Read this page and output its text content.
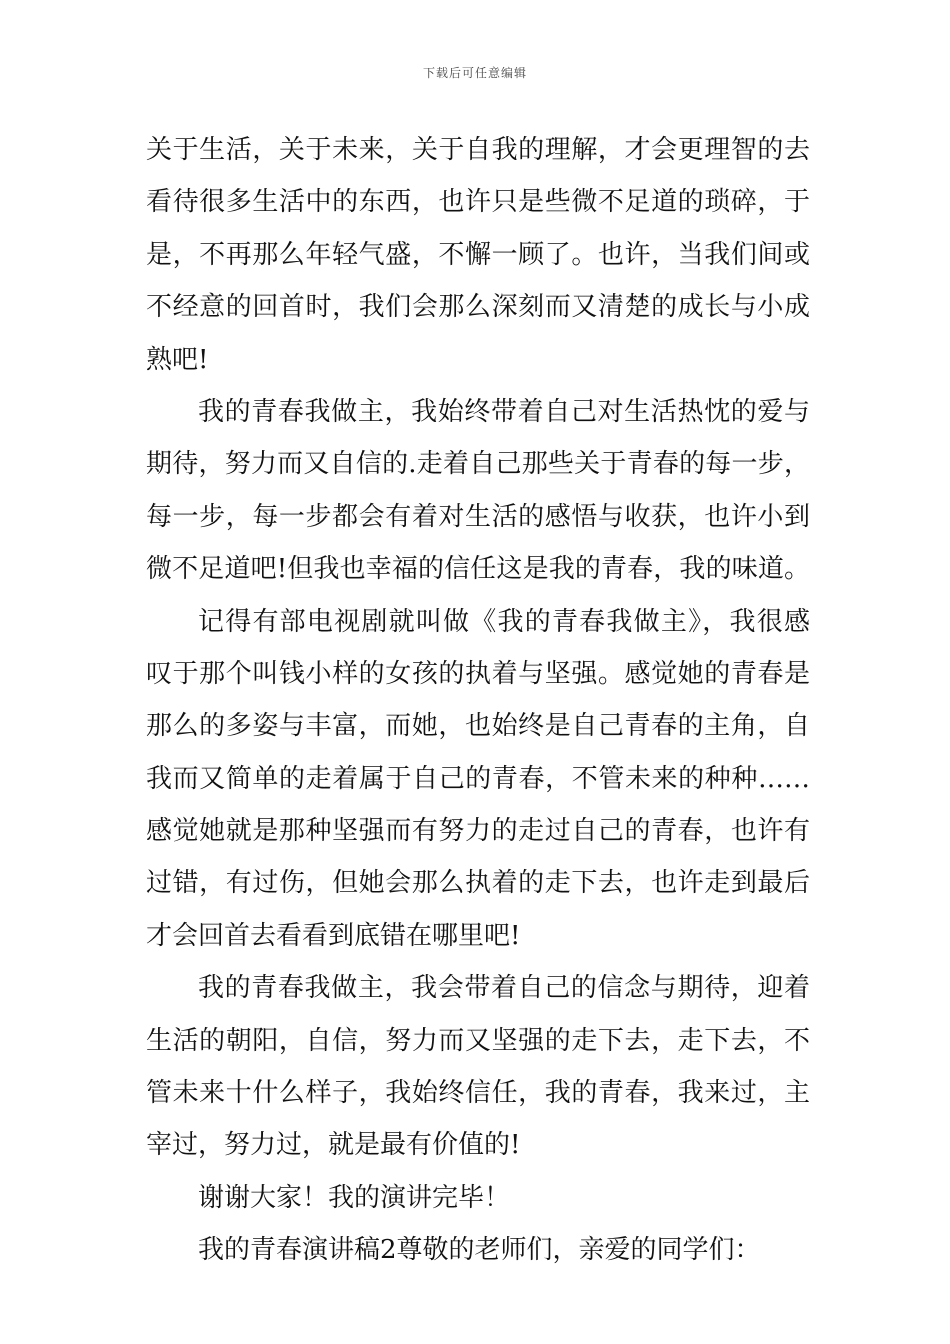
下载后可任意编辑
关于生活，关于未来，关于自我的理解，才会更理智的去
看待很多生活中的东西，也许只是些微不足道的琐碎，于
是，不再那么年轻气盛，不懈一顾了。也许，当我们间或
不经意的回首时，我们会那么深刻而又清楚的成长与小成
熟吧!
我的青春我做主，我始终带着自己对生活热忱的爱与
期待，努力而又自信的.走着自己那些关于青春的每一步，
每一步，每一步都会有着对生活的感悟与收获，也许小到
微不足道吧!但我也幸福的信任这是我的青春，我的味道。
记得有部电视剧就叫做《我的青春我做主》，我很感
叹于那个叫钱小样的女孩的执着与坚强。感觉她的青春是
那么的多姿与丰富，而她，也始终是自己青春的主角，自
我而又简单的走着属于自己的青春，不管未来的种种……
感觉她就是那种坚强而有努力的走过自己的青春，也许有
过错，有过伤，但她会那么执着的走下去，也许走到最后
才会回首去看看到底错在哪里吧!
我的青春我做主，我会带着自己的信念与期待，迎着
生活的朝阳，自信，努力而又坚强的走下去，走下去，不
管未来十什么样子，我始终信任，我的青春，我来过，主
宰过，努力过，就是最有价值的!
谢谢大家！我的演讲完毕！
我的青春演讲稿2尊敬的老师们，亲爱的同学们：
